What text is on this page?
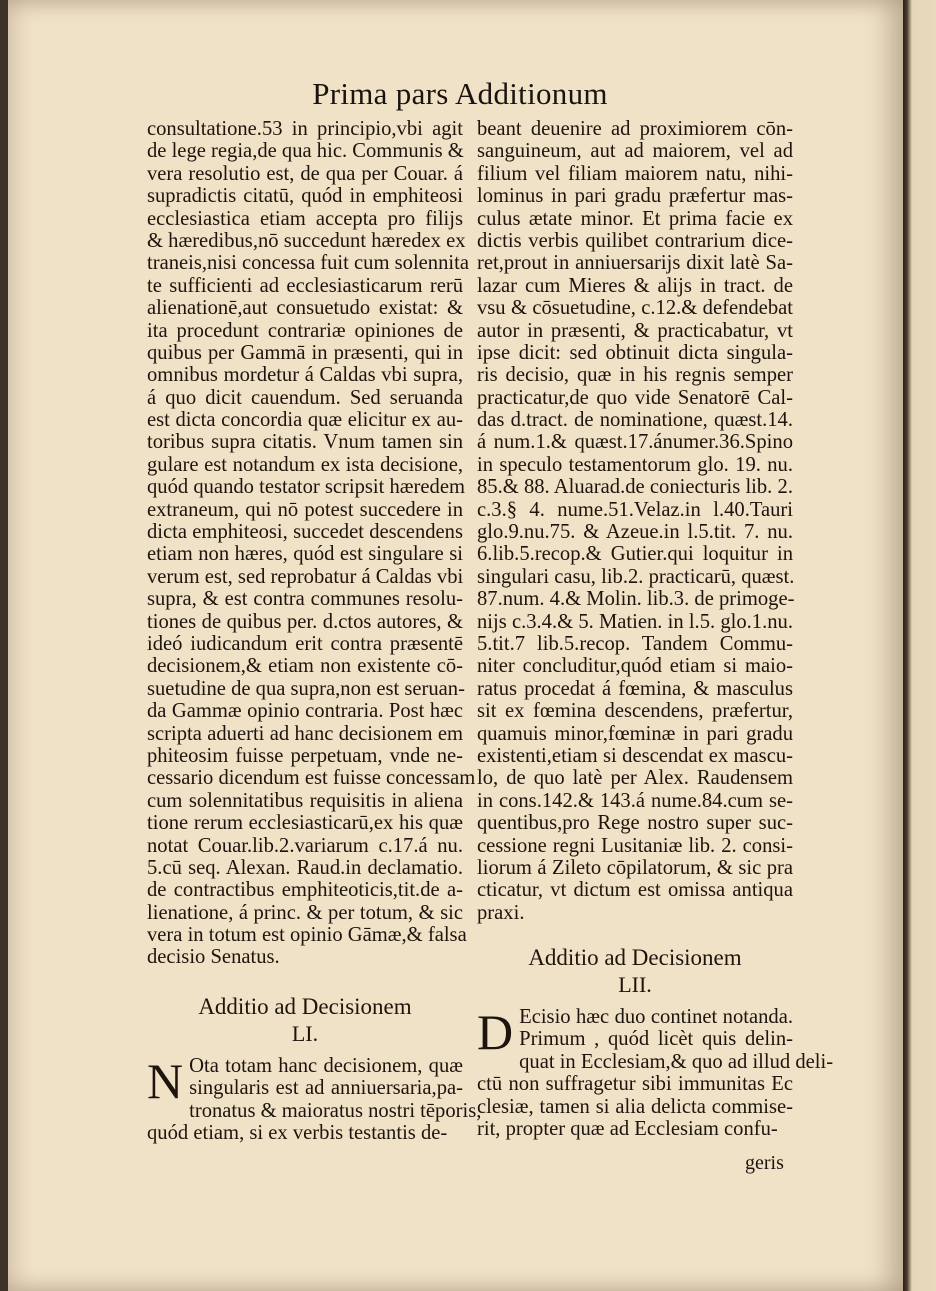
Prima pars Additionum
consultatione.53 in principio,vbi agit
de lege regia,de qua hic. Communis &
vera resolutio est, de qua per Couar. á
supradictis citatū, quód in emphiteosi
ecclesiastica etiam accepta pro filijs
& hæredibus,nō succedunt hæredex ex
traneis,nisi concessa fuit cum solennita
te sufficienti ad ecclesiasticarum rerū
alienationē,aut consuetudo existat: &
ita procedunt contrariæ opiniones de
quibus per Gammā in præsenti, qui in
omnibus mordetur á Caldas vbi supra,
á quo dicit cauendum. Sed seruanda
est dicta concordia quæ elicitur ex au-
toribus supra citatis. Vnum tamen sin
gulare est notandum ex ista decisione,
quód quando testator scripsit hæredem
extraneum, qui nō potest succedere in
dicta emphiteosi, succedet descendens
etiam non hæres, quód est singulare si
verum est, sed reprobatur á Caldas vbi
supra, & est contra communes resolu-
tiones de quibus per. d.ctos autores, &
ideó iudicandum erit contra præsentē
decisionem,& etiam non existente cō-
suetudine de qua supra,non est seruan-
da Gammæ opinio contraria. Post hæc
scripta aduerti ad hanc decisionem em
phiteosim fuisse perpetuam, vnde ne-
cessario dicendum est fuisse concessam
cum solennitatibus requisitis in aliena
tione rerum ecclesiasticarū,ex his quæ
notat Couar.lib.2.variarum c.17.á nu.
5.cū seq. Alexan. Raud.in declamatio.
de contractibus emphiteoticis,tit.de a-
lienatione, á princ. & per totum, & sic
vera in totum est opinio Gāmæ,& falsa
decisio Senatus.
Additio ad Decisionem
LI.
N Ota totam hanc decisionem, quæ
singularis est ad anniuersaria,pa-
tronatus & maioratus nostri tēporis,
quód etiam, si ex verbis testantis de-
beant deuenire ad proximiorem cōn-
sanguineum, aut ad maiorem, vel ad
filium vel filiam maiorem natu, nihi-
lominus in pari gradu præfertur mas-
culus ætate minor. Et prima facie ex
dictis verbis quilibet contrarium dice-
ret,prout in anniuersarijs dixit latè Sa-
lazar cum Mieres & alijs in tract. de
vsu & cōsuetudine, c.12.& defendebat
autor in præsenti, & practicabatur, vt
ipse dicit: sed obtinuit dicta singula-
ris decisio, quæ in his regnis semper
practicatur,de quo vide Senatorē Cal-
das d.tract. de nominatione, quæst.14.
á num.1.& quæst.17.ánumer.36.Spino
in speculo testamentorum glo. 19. nu.
85.& 88. Aluarad.de coniecturis lib. 2.
c.3.§ 4. nume.51.Velaz.in l.40.Tauri
glo.9.nu.75. & Azeue.in l.5.tit. 7. nu.
6.lib.5.recop.& Gutier.qui loquitur in
singulari casu, lib.2. practicarū, quæst.
87.num. 4.& Molin. lib.3. de primoge-
nijs c.3.4.& 5. Matien. in l.5. glo.1.nu.
5.tit.7 lib.5.recop. Tandem Commu-
niter concluditur,quód etiam si maio-
ratus procedat á fœmina, & masculus
sit ex fœmina descendens, præfertur,
quamuis minor,fœminæ in pari gradu
existenti,etiam si descendat ex mascu-
lo, de quo latè per Alex. Raudensem
in cons.142.& 143.á nume.84.cum se-
quentibus,pro Rege nostro super suc-
cessione regni Lusitaniæ lib. 2. consi-
liorum á Zileto cōpilatorum, & sic pra
cticatur, vt dictum est omissa antiqua
praxi.
Additio ad Decisionem
LII.
D Ecisio hæc duo continet notanda.
Primum , quód licèt quis delin-
quat in Ecclesiam,& quo ad illud deli-
ctū non suffragetur sibi immunitas Ec
clesiæ, tamen si alia delicta commise-
rit, propter quæ ad Ecclesiam confu-
geris
